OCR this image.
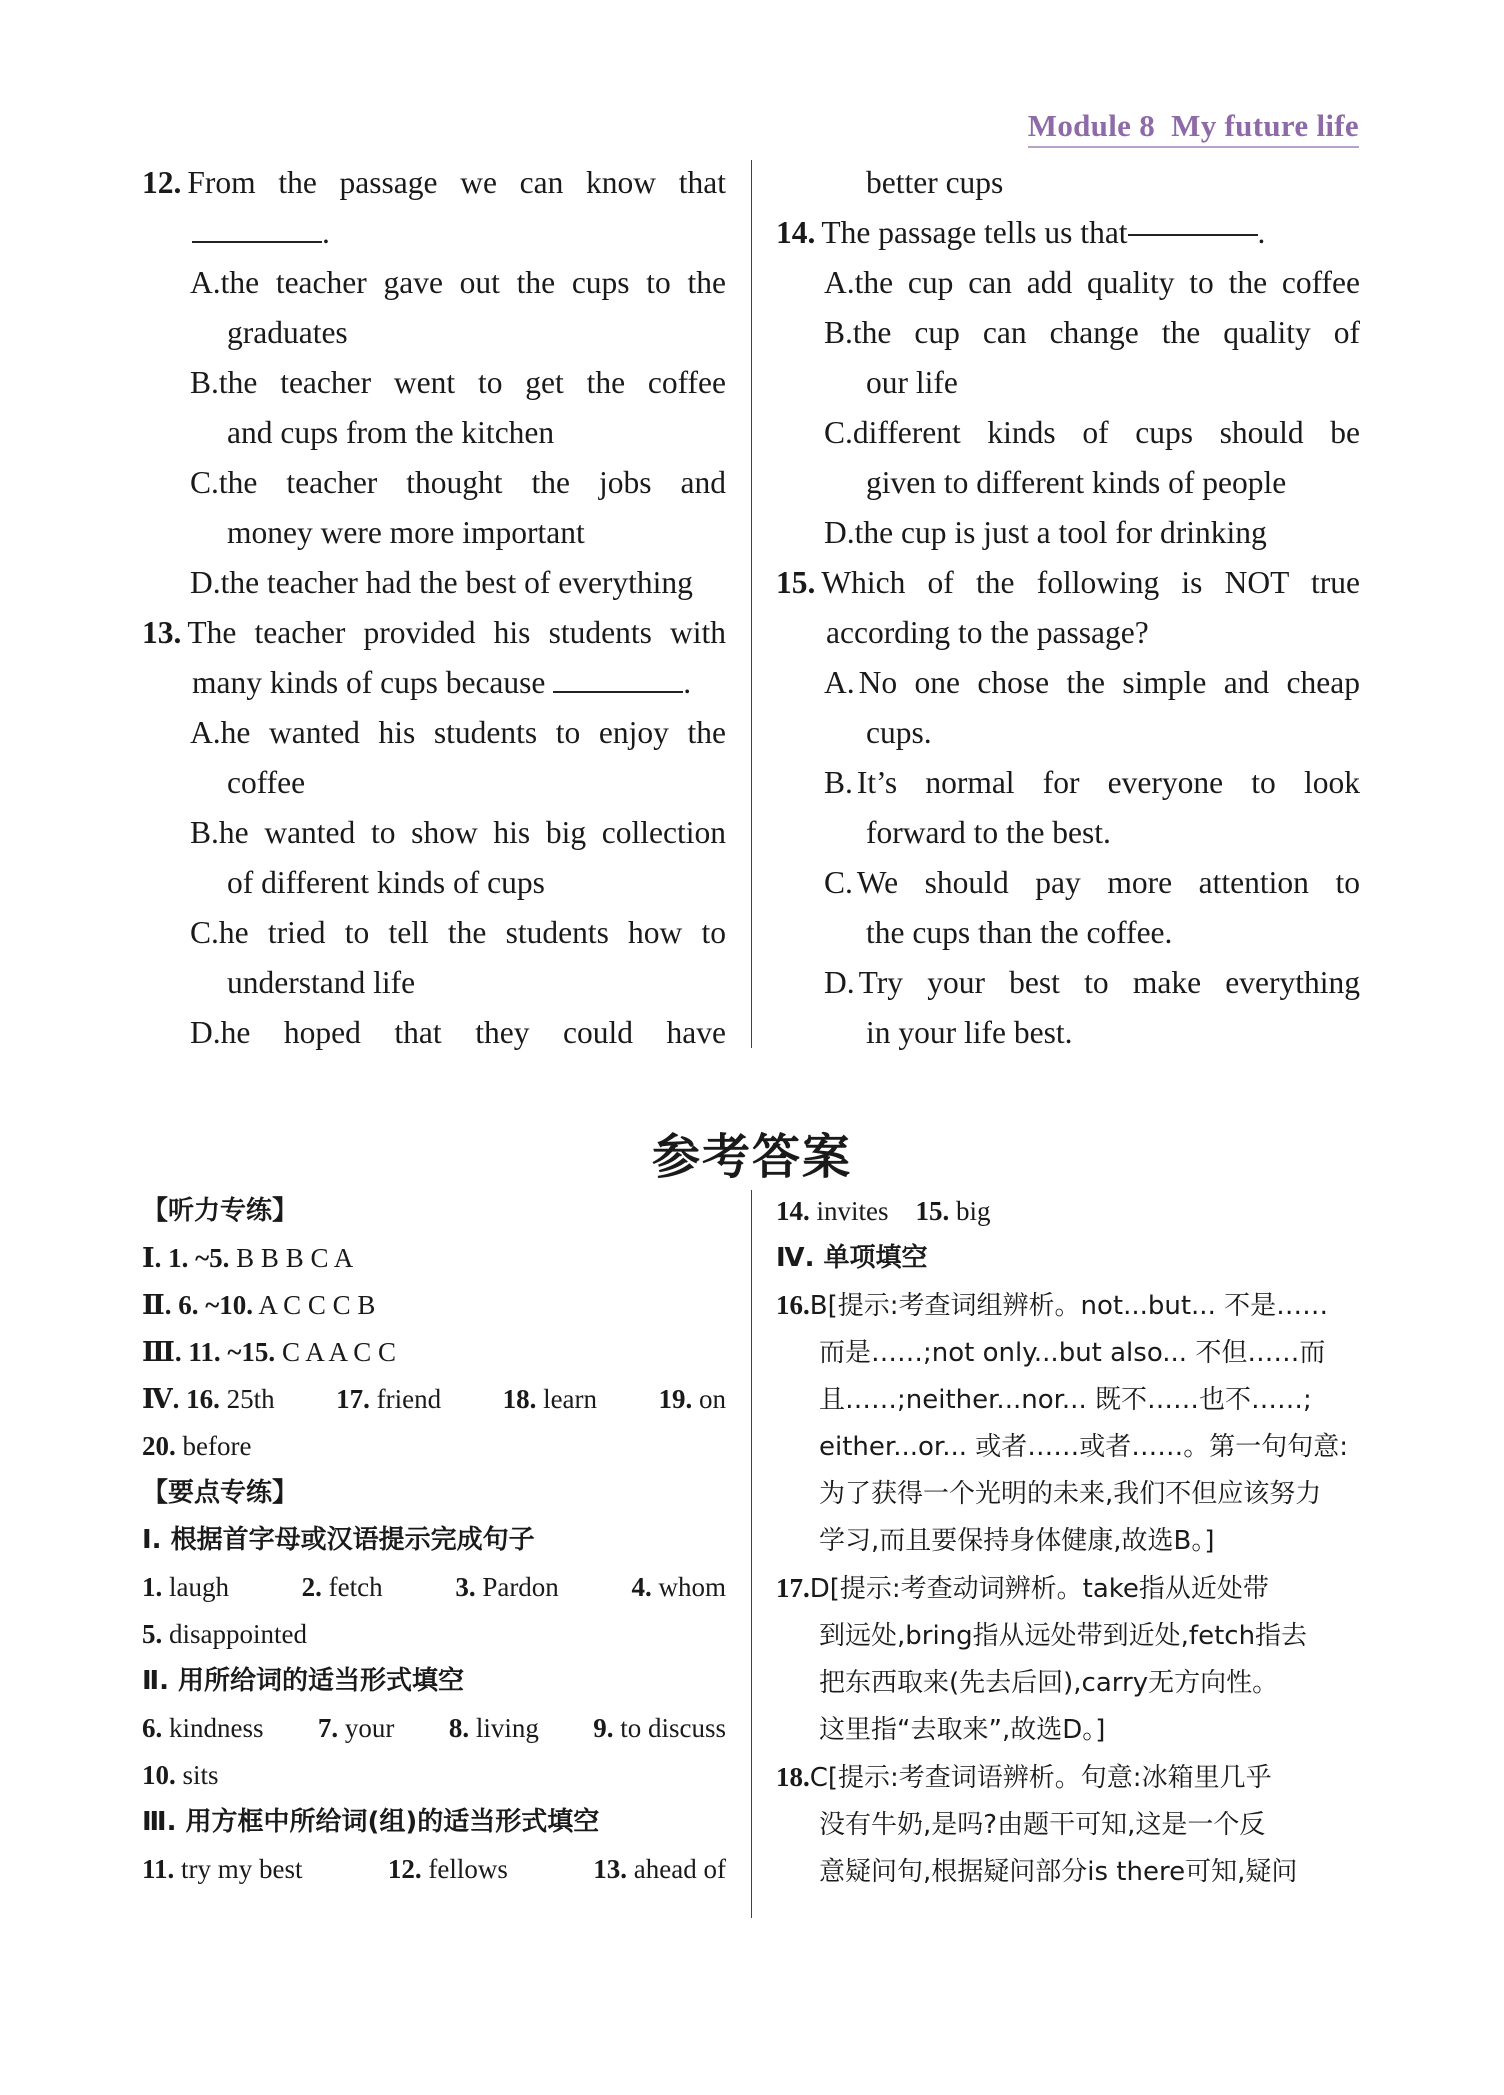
Module 8 My future life

12. From the passage we can know that

.

A. the teacher gave out the cups to the

graduates

B. the teacher went to get the coffee

and cups from the kitchen

C. the teacher thought the jobs and

money were more important

D. the teacher had the best of everything

13. The teacher provided his students with

many kinds of cups because	.

A. he wanted his students to enjoy the

coffee

B. he wanted to show his big collection

of different kinds of cups

C. he tried to tell the students how to

understand life

D. he hoped that they could have

better cups

14. The passage tells us that	.

A. the cup can add quality to the coffee

B. the cup can change the quality of

our life

C. different kinds of cups should be

given to different kinds of people

D. the cup is just a tool for drinking

15. Which of the following is NOT true

according to the passage?

A. No one chose the simple and cheap

cups.

B. It’s normal for everyone to look

forward to the best.

C. We should pay more attention to

the cups than the coffee.

D. Try your best to make everything

in your life best.

参考答案

【听力专练】

Ⅰ. 1. ~5. B B B C A

Ⅱ. 6. ~10. A C C C B

Ⅲ. 11. ~15. C A A C C

Ⅳ. 16. 25th 17. friend 18. learn 19. on

20. before

【要点专练】

Ⅰ. 根据首字母或汉语提示完成句子

1. laugh	2. fetch	3. Pardon	4. whom

5. disappointed

Ⅱ. 用所给词的适当形式填空

6. kindness 7. your 8. living 9. to discuss

10. sits

Ⅲ. 用方框中所给词(组)的适当形式填空

11. try my best	12. fellows	13. ahead of

14. invites 15. big

Ⅳ. 单项填空

16.B[提示:考查词组辨析。not...but... 不是……

而是……;not only...but also... 不但……而

且……;neither...nor... 既不……也不……;

either...or... 或者……或者……。第一句句意:

为了获得一个光明的未来,我们不但应该努力

学习,而且要保持身体健康,故选B。]

17.D[提示:考查动词辨析。take指从近处带

到远处,bring指从远处带到近处,fetch指去

把东西取来(先去后回),carry无方向性。

这里指“去取来”,故选D。]

18.C[提示:考查词语辨析。句意:冰箱里几乎

没有牛奶,是吗?由题干可知,这是一个反

意疑问句,根据疑问部分is there可知,疑问
